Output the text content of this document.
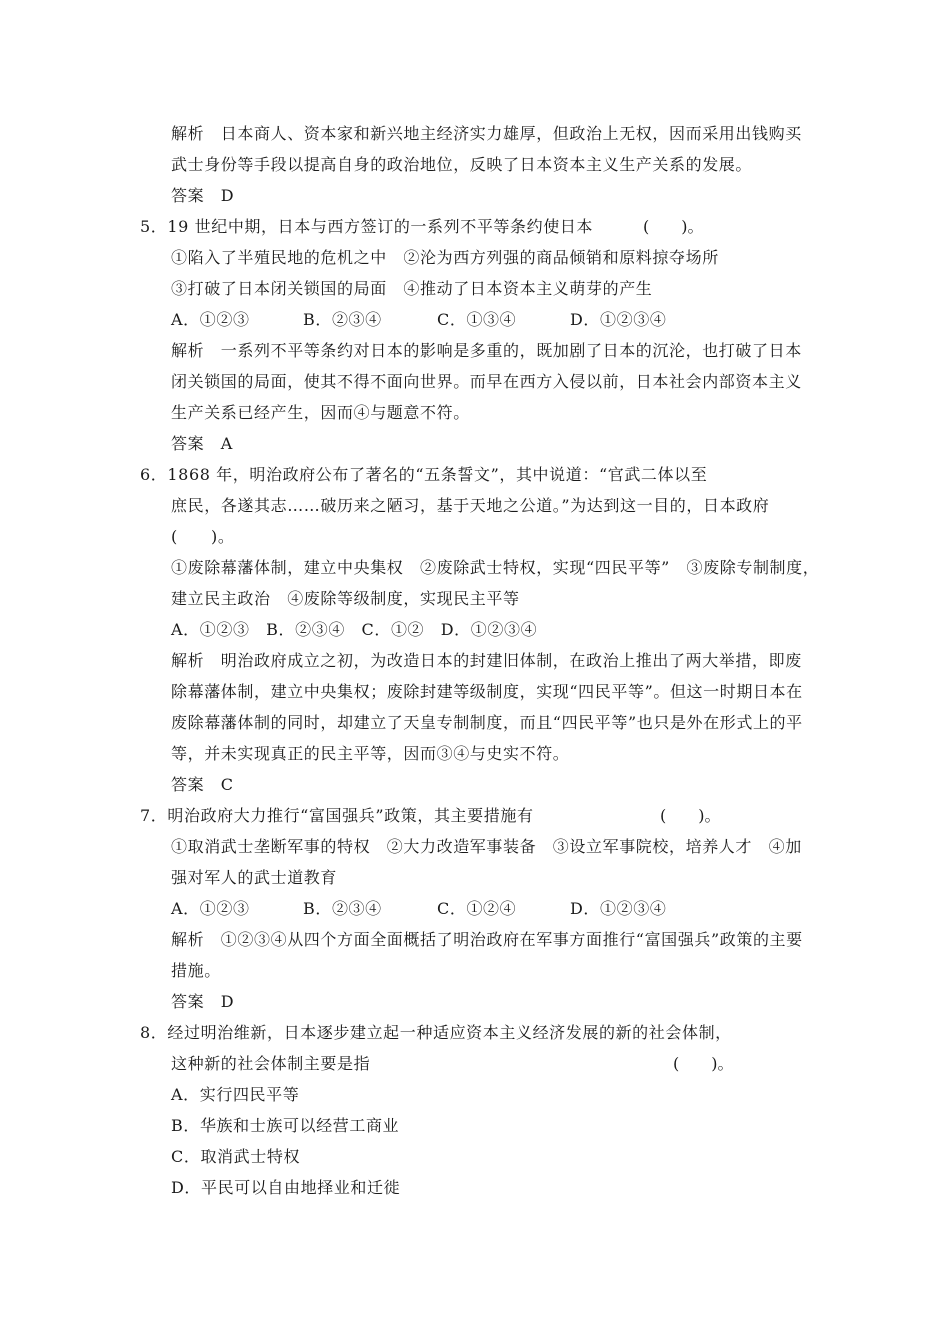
解析　日本商人、资本家和新兴地主经济实力雄厚，但政治上无权，因而采用出钱购买
武士身份等手段以提高自身的政治地位，反映了日本资本主义生产关系的发展。
答案　D
5．19 世纪中期，日本与西方签订的一系列不平等条约使日本	(　　)。
①陷入了半殖民地的危机之中　②沦为西方列强的商品倾销和原料掠夺场所
③打破了日本闭关锁国的局面　④推动了日本资本主义萌芽的产生
A．①②③	B．②③④	C．①③④	D．①②③④
解析　一系列不平等条约对日本的影响是多重的，既加剧了日本的沉沦，也打破了日本
闭关锁国的局面，使其不得不面向世界。而早在西方入侵以前，日本社会内部资本主义
生产关系已经产生，因而④与题意不符。
答案　A
6．1868 年，明治政府公布了著名的“五条誓文”，其中说道：“官武二体以至
庶民，各遂其志……破历来之陋习，基于天地之公道。”为达到这一目的，日本政府
(　　)。
①废除幕藩体制，建立中央集权　②废除武士特权，实现“四民平等”　③废除专制制度，
建立民主政治　④废除等级制度，实现民主平等
A．①②③　B．②③④　C．①②　D．①②③④
解析　明治政府成立之初，为改造日本的封建旧体制，在政治上推出了两大举措，即废
除幕藩体制，建立中央集权；废除封建等级制度，实现“四民平等”。但这一时期日本在
废除幕藩体制的同时，却建立了天皇专制制度，而且“四民平等”也只是外在形式上的平
等，并未实现真正的民主平等，因而③④与史实不符。
答案　C
7．明治政府大力推行“富国强兵”政策，其主要措施有	(　　)。
①取消武士垄断军事的特权　②大力改造军事装备　③设立军事院校，培养人才　④加
强对军人的武士道教育
A．①②③	B．②③④	C．①②④	D．①②③④
解析　①②③④从四个方面全面概括了明治政府在军事方面推行“富国强兵”政策的主要
措施。
答案　D
8．经过明治维新，日本逐步建立起一种适应资本主义经济发展的新的社会体制，
这种新的社会体制主要是指	(　　)。
A．实行四民平等
B．华族和士族可以经营工商业
C．取消武士特权
D．平民可以自由地择业和迁徙
